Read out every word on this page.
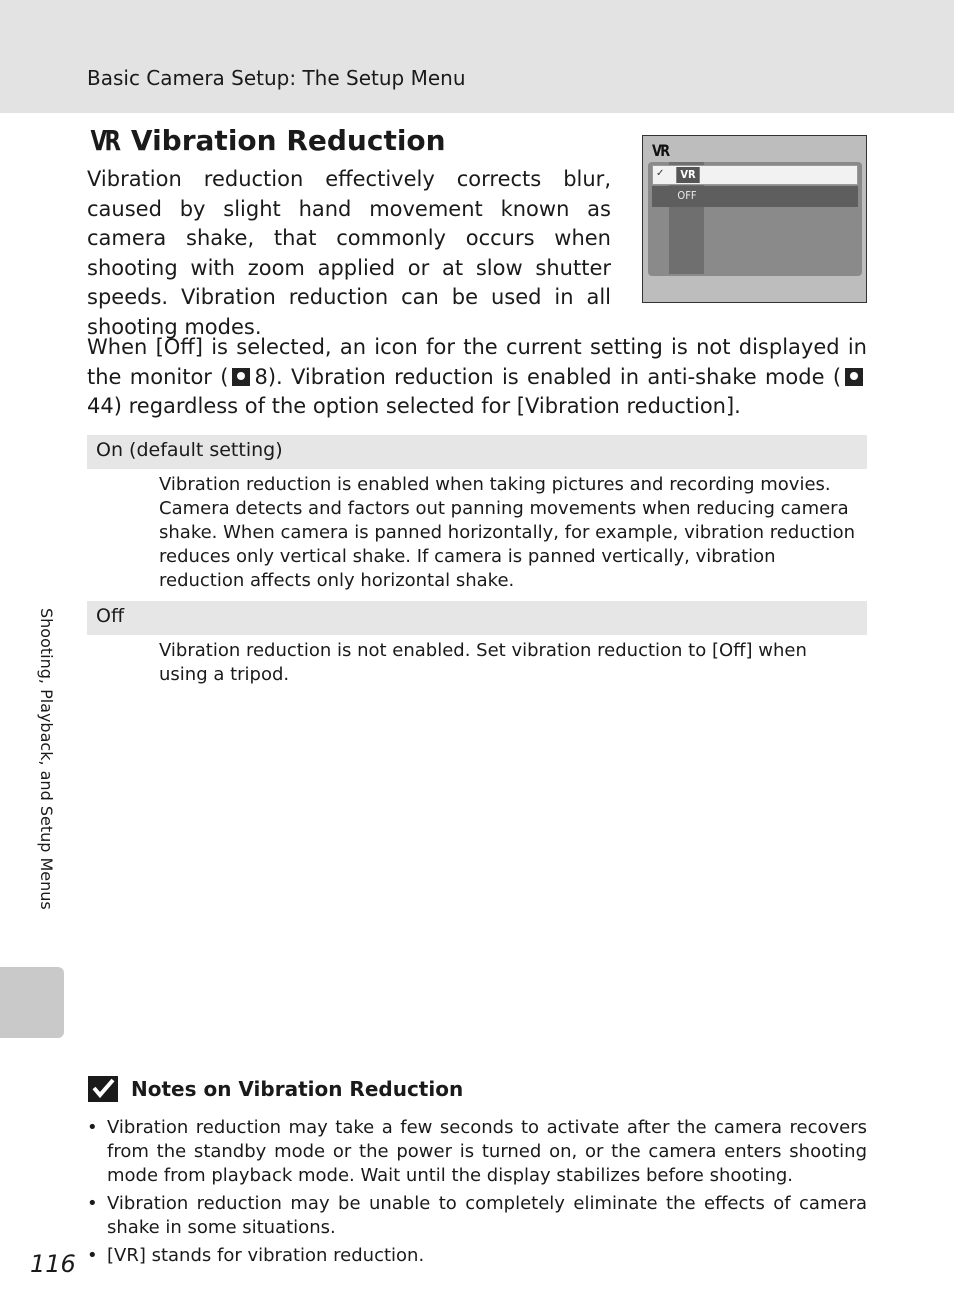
Basic Camera Setup: The Setup Menu
VR Vibration Reduction

Vibration reduction effectively corrects blur, caused by slight hand movement known as camera shake, that commonly occurs when shooting with zoom applied or at slow shutter speeds. Vibration reduction can be used in all shooting modes.

VR
✓	VR
OFF

When [Off] is selected, an icon for the current setting is not displayed in the monitor ( 8). Vibration reduction is enabled in anti-shake mode (44) regardless of the option selected for [Vibration reduction].

On (default setting)

Vibration reduction is enabled when taking pictures and recording movies. Camera detects and factors out panning movements when reducing camera shake. When camera is panned horizontally, for example, vibration reduction reduces only vertical shake. If camera is panned vertically, vibration reduction affects only horizontal shake.

Off

Vibration reduction is not enabled. Set vibration reduction to [Off] when using a tripod.

Shooting, Playback, and Setup Menus
Notes on Vibration Reduction
• Vibration reduction may take a few seconds to activate after the camera recovers from the standby mode or the power is turned on, or the camera enters shooting mode from playback mode. Wait until the display stabilizes before shooting.
• Vibration reduction may be unable to completely eliminate the effects of camera shake in some situations.
• [VR] stands for vibration reduction.
116
